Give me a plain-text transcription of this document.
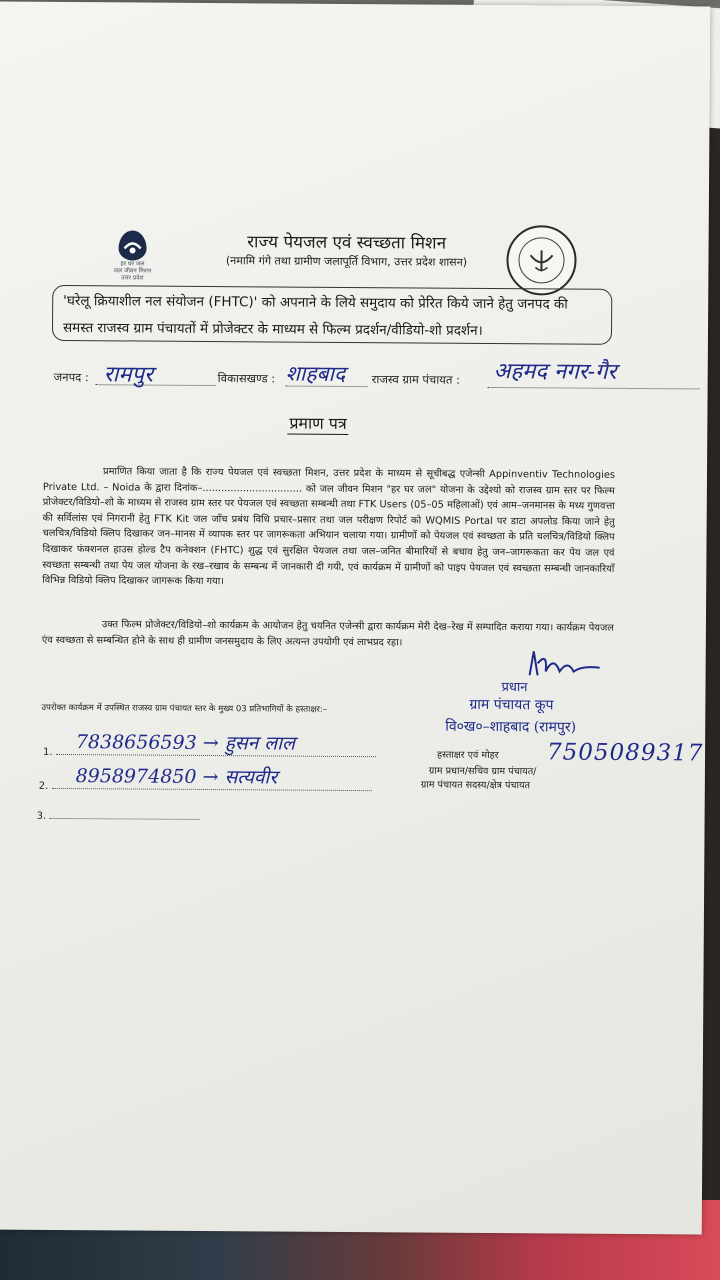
हर घर जल
जल जीवन मिशन
उत्तर प्रदेश
राज्य पेयजल एवं स्वच्छता मिशन
(नमामि गंगे तथा ग्रामीण जलापूर्ति विभाग, उत्तर प्रदेश शासन)
'घरेलू क्रियाशील नल संयोजन (FHTC)' को अपनाने के लिये समुदाय को प्रेरित किये जाने हेतु जनपद की
समस्त राजस्व ग्राम पंचायतों में प्रोजेक्टर के माध्यम से फिल्म प्रदर्शन/वीडियो-शो प्रदर्शन।
जनपद : रामपुर	विकासखण्ड : शाहबाद राजस्व ग्राम पंचायत : अहमद नगर-गैर
प्रमाण पत्र
प्रमाणित किया जाता है कि राज्य पेयजल एवं स्वच्छता मिशन, उत्तर प्रदेश के माध्यम से सूचीबद्ध एजेन्सी Appinventiv Technologies Private Ltd. – Noida के द्वारा दिनांक–................................ को जल जीवन मिशन "हर घर जल" योजना के उद्देश्यो को राजस्व ग्राम स्तर पर फिल्म प्रोजेक्टर/विडियो–शो के माध्यम से राजस्व ग्राम स्तर पर पेयजल एवं स्वच्छता सम्बन्धी तथा FTK Users (05–05 महिलाओं) एवं आम–जनमानस के मध्य गुणवत्ता की सर्विलांस एवं निगरानी हेतु FTK Kit जल जाँच प्रबंध विधि प्रचार–प्रसार तथा जल परीक्षण रिपोर्ट को WQMIS Portal पर डाटा अपलोड किया जाने हेतु चलचित्र/विडियो क्लिप दिखाकर जन–मानस में व्यापक स्तर पर जागरूकता अभियान चलाया गया। ग्रामीणों को पेयजल एवं स्वच्छता के प्रति चलचित्र/विडियो क्लिप दिखाकर फंक्शनल हाउस होल्ड टैप कनेक्शन (FHTC) शुद्ध एवं सुरक्षित पेयजल तथा जल–जनित बीमारियों से बचाव हेतु जन–जागरूकता कर पेय जल एवं स्वच्छता सम्बन्धी तथा पेय जल योजना के रख–रखाव के सम्बन्ध में जानकारी दी गयी, एवं कार्यक्रम में ग्रामीणों को पाइप पेयजल एवं स्वच्छता सम्बन्धी जानकारियाँ विभिन्न विडियो क्लिप दिखाकर जागरूक किया गया।
उक्त फिल्म प्रोजेक्टर/विडियो–शो कार्यक्रम के आयोजन हेतु चयनित एजेन्सी द्वारा कार्यक्रम मेरी देख–रेख में सम्पादित कराया गया। कार्यक्रम पेयजल एंव स्वच्छता से सम्बन्धित होने के साथ ही ग्रामीण जनसमुदाय के लिए अत्यन्त उपयोगी एवं लाभप्रद रहा।
प्रधान
ग्राम पंचायत कूप
वि०ख०–शाहबाद (रामपुर)
हस्ताक्षर एवं मोहर 7505089317
ग्राम प्रधान/सचिव ग्राम पंचायत/
ग्राम पंचायत सदस्य/क्षेत्र पंचायत
उपरोक्त कार्यक्रम में उपस्थित राजस्व ग्राम पंचायत स्तर के मुख्य 03 प्रतिभागियों के हस्ताक्षर:–
1. 7838656593 → हुसन लाल
2. 8958974850 → सत्यवीर
3.
